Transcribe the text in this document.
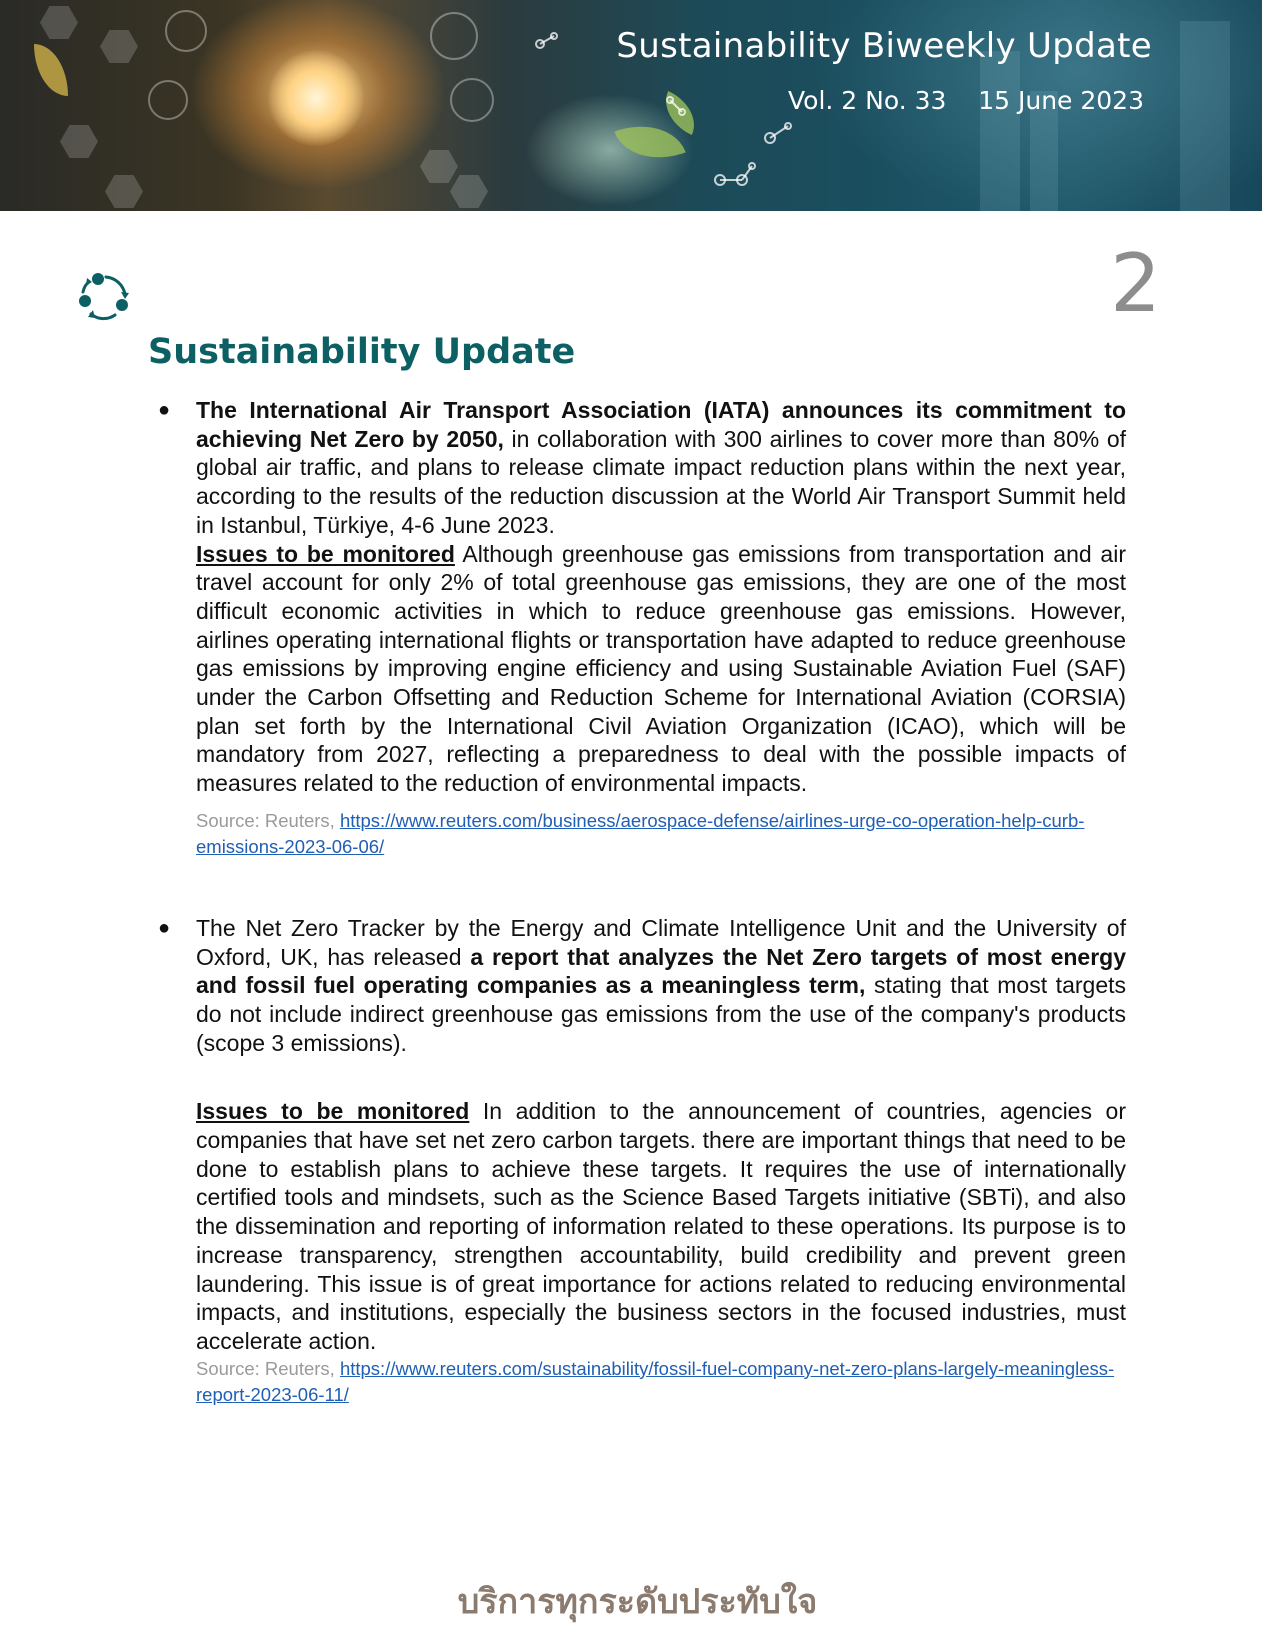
Sustainability Biweekly Update
Vol. 2 No. 33 15 June 2023
2
Sustainability Update
● The International Air Transport Association (IATA) announces its commitment to achieving Net Zero by 2050, in collaboration with 300 airlines to cover more than 80% of global air traffic, and plans to release climate impact reduction plans within the next year, according to the results of the reduction discussion at the World Air Transport Summit held in Istanbul, Türkiye, 4-6 June 2023.

Issues to be monitored Although greenhouse gas emissions from transportation and air travel account for only 2% of total greenhouse gas emissions, they are one of the most difficult economic activities in which to reduce greenhouse gas emissions. However, airlines operating international flights or transportation have adapted to reduce greenhouse gas emissions by improving engine efficiency and using Sustainable Aviation Fuel (SAF) under the Carbon Offsetting and Reduction Scheme for International Aviation (CORSIA) plan set forth by the International Civil Aviation Organization (ICAO), which will be mandatory from 2027, reflecting a preparedness to deal with the possible impacts of measures related to the reduction of environmental impacts.

Source: Reuters, https://www.reuters.com/business/aerospace-defense/airlines-urge-co-operation-help-curb-emissions-2023-06-06/

● The Net Zero Tracker by the Energy and Climate Intelligence Unit and the University of Oxford, UK, has released a report that analyzes the Net Zero targets of most energy and fossil fuel operating companies as a meaningless term, stating that most targets do not include indirect greenhouse gas emissions from the use of the company's products (scope 3 emissions).

Issues to be monitored In addition to the announcement of countries, agencies or companies that have set net zero carbon targets. there are important things that need to be done to establish plans to achieve these targets. It requires the use of internationally certified tools and mindsets, such as the Science Based Targets initiative (SBTi), and also the dissemination and reporting of information related to these operations. Its purpose is to increase transparency, strengthen accountability, build credibility and prevent green laundering. This issue is of great importance for actions related to reducing environmental impacts, and institutions, especially the business sectors in the focused industries, must accelerate action.

Source: Reuters, https://www.reuters.com/sustainability/fossil-fuel-company-net-zero-plans-largely-meaningless-report-2023-06-11/

บริการทุกระดับประทับใจ
